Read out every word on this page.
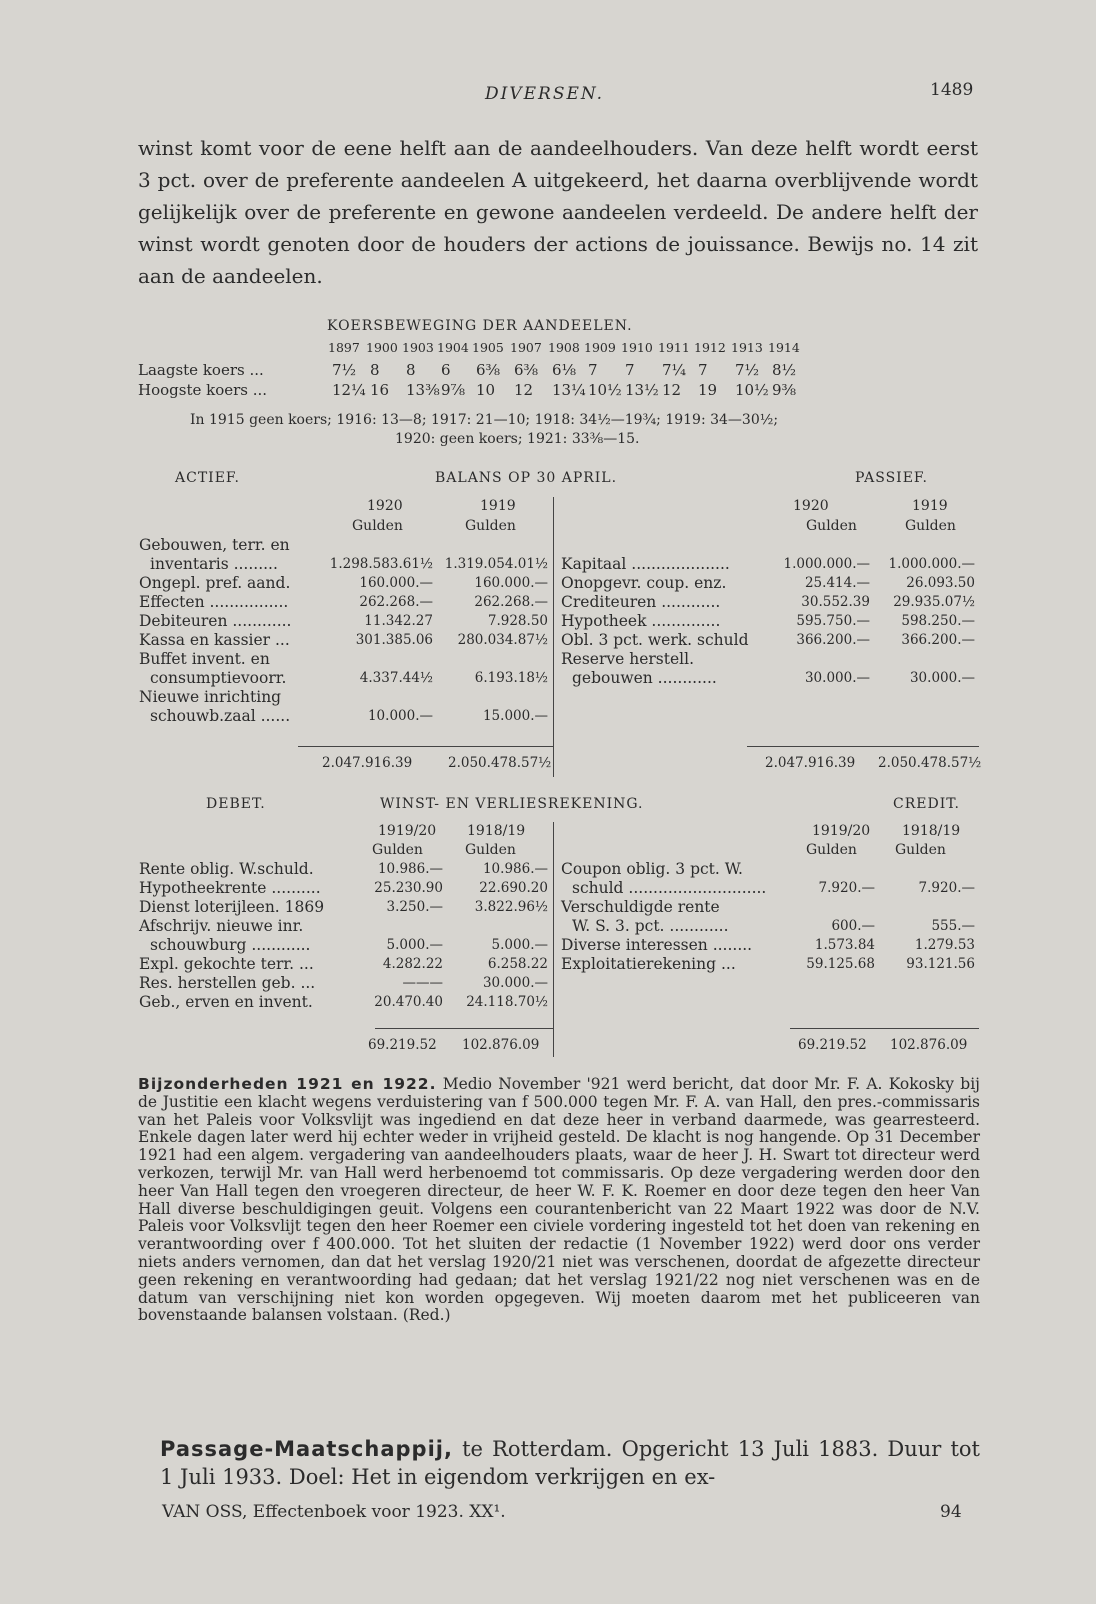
DIVERSEN.	1489

winst komt voor de eene helft aan de aandeelhouders. Van deze helft wordt eerst 3 pct. over de preferente aandeelen A uitgekeerd, het daarna overblijvende wordt gelijkelijk over de preferente en gewone aandeelen verdeeld. De andere helft der winst wordt genoten door de houders der actions de jouissance. Bewijs no. 14 zit aan de aandeelen.

KOERSBEWEGING DER AANDEELEN.
1897 1900 1903 1904 1905 1907 1908 1909 1910 1911 1912 1913 1914
Laagste koers ...	7½ 8 8 6 6⅜ 6⅜ 6⅛ 7 7 7¼ 7 7½ 8½
Hoogste koers ...	12¼ 16 13⅜ 9⅞ 10 12 13¼ 10½ 13½ 12 19 10½ 9⅜
In 1915 geen koers; 1916: 13—8; 1917: 21—10; 1918: 34½—19¾; 1919: 34—30½;
1920: geen koers; 1921: 33⅜—15.
ACTIEF.	BALANS OP 30 APRIL.	PASSIEF.
1920	1919
Gulden	Gulden
1920	1919
Gulden	Gulden
Gebouwen, terr. en		
inventaris .........	1.298.583.61½	1.319.054.01½
Ongepl. pref. aand.	160.000.—	160.000.—
Effecten ................	262.268.—	262.268.—
Debiteuren ............	11.342.27	7.928.50
Kassa en kassier ...	301.385.06	280.034.87½
Buffet invent. en		
consumptievoorr.	4.337.44½	6.193.18½
Nieuwe inrichting		
schouwb.zaal ......	10.000.—	15.000.—

Kapitaal ....................	1.000.000.—	1.000.000.—
Onopgevr. coup. enz.	25.414.—	26.093.50
Crediteuren ............	30.552.39	29.935.07½
Hypotheek ..............	595.750.—	598.250.—
Obl. 3 pct. werk. schuld	366.200.—	366.200.—
Reserve herstell.		
gebouwen ............	30.000.—	30.000.—

2.047.916.39	2.050.478.57½	2.047.916.39 2.050.478.57½
DEBET.	WINST- EN VERLIESREKENING.	CREDIT.
1919/20 1918/19
Gulden	Gulden
1919/20 1918/19
Gulden	Gulden
Rente oblig. W.schuld.	10.986.—	10.986.—
Hypotheekrente ..........	25.230.90	22.690.20
Dienst loterijleen. 1869	3.250.—	3.822.96½
Afschrijv. nieuwe inr.		
schouwburg ............	5.000.—	5.000.—
Expl. gekochte terr. ...	4.282.22	6.258.22
Res. herstellen geb. ...	———	30.000.—
Geb., erven en invent.	20.470.40	24.118.70½

Coupon oblig. 3 pct. W.		
schuld ............................	7.920.—	7.920.—
Verschuldigde rente		
W. S. 3. pct. ............	600.—	555.—
Diverse interessen ........	1.573.84	1.279.53
Exploitatierekening ...	59.125.68	93.121.56

69.219.52 102.876.09	69.219.52 102.876.09

Bijzonderheden 1921 en 1922. Medio November '921 werd bericht, dat door Mr. F. A. Kokosky bij de Justitie een klacht wegens verduistering van f 500.000 tegen Mr. F. A. van Hall, den pres.-commissaris van het Paleis voor Volksvlijt was ingediend en dat deze heer in verband daarmede, was gearresteerd. Enkele dagen later werd hij echter weder in vrijheid gesteld. De klacht is nog hangende. Op 31 December 1921 had een algem. vergadering van aandeelhouders plaats, waar de heer J. H. Swart tot directeur werd verkozen, terwijl Mr. van Hall werd herbenoemd tot commissaris. Op deze vergadering werden door den heer Van Hall tegen den vroegeren directeur, de heer W. F. K. Roemer en door deze tegen den heer Van Hall diverse beschuldigingen geuit. Volgens een courantenbericht van 22 Maart 1922 was door de N.V. Paleis voor Volksvlijt tegen den heer Roemer een civiele vordering ingesteld tot het doen van rekening en verantwoording over f 400.000. Tot het sluiten der redactie (1 November 1922) werd door ons verder niets anders vernomen, dan dat het verslag 1920/21 niet was verschenen, doordat de afgezette directeur geen rekening en verantwoording had gedaan; dat het verslag 1921/22 nog niet verschenen was en de datum van verschijning niet kon worden opgegeven. Wij moeten daarom met het publiceeren van bovenstaande balansen volstaan. (Red.)

Passage-Maatschappij, te Rotterdam. Opgericht 13 Juli 1883. Duur tot 1 Juli 1933. Doel: Het in eigendom verkrijgen en ex-
VAN OSS, Effectenboek voor 1923. XX¹.	94
